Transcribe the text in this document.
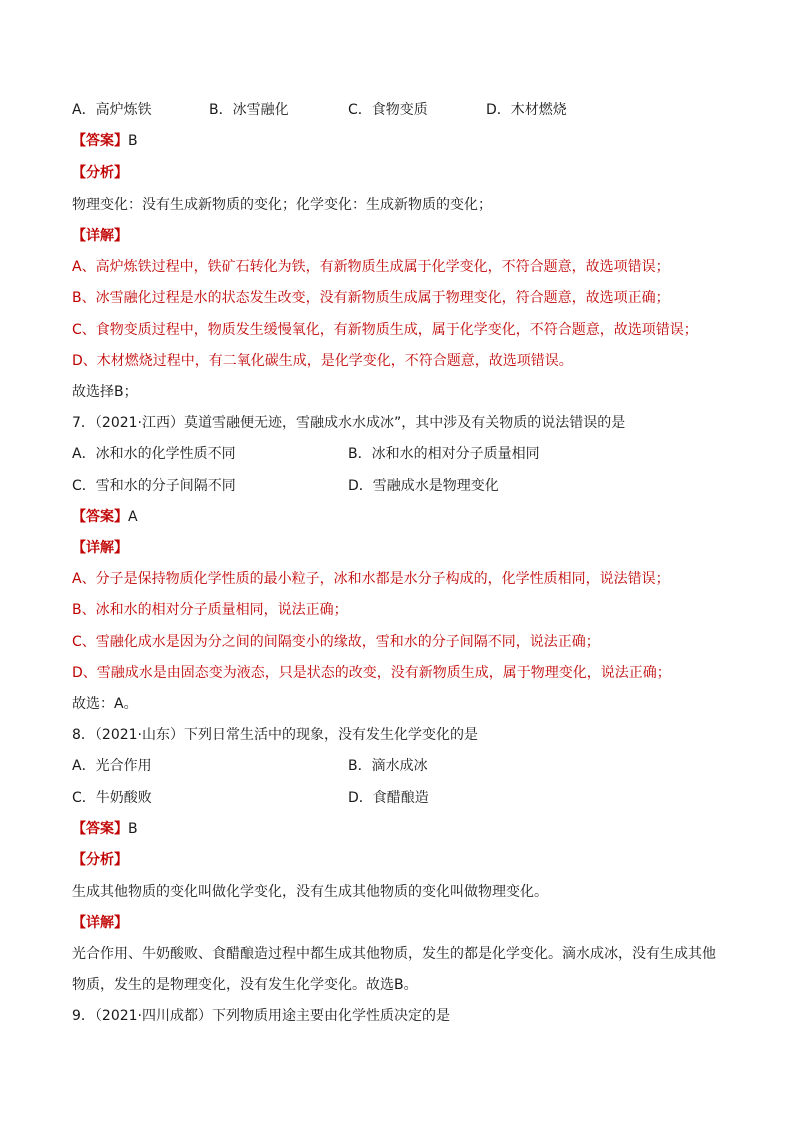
A．高炉炼铁	B．冰雪融化	C．食物变质	D．木材燃烧
【答案】B
【分析】
物理变化：没有生成新物质的变化；化学变化：生成新物质的变化；
【详解】
A、高炉炼铁过程中，铁矿石转化为铁，有新物质生成属于化学变化，不符合题意，故选项错误；
B、冰雪融化过程是水的状态发生改变，没有新物质生成属于物理变化，符合题意，故选项正确；
C、食物变质过程中，物质发生缓慢氧化，有新物质生成，属于化学变化，不符合题意，故选项错误；
D、木材燃烧过程中，有二氧化碳生成，是化学变化，不符合题意，故选项错误。
故选择B；
7．（2021·江西）莫道雪融便无迹，雪融成水水成冰”，其中涉及有关物质的说法错误的是
A．冰和水的化学性质不同	B．冰和水的相对分子质量相同
C．雪和水的分子间隔不同	D．雪融成水是物理变化
【答案】A
【详解】
A、分子是保持物质化学性质的最小粒子，冰和水都是水分子构成的，化学性质相同，说法错误；
B、冰和水的相对分子质量相同，说法正确；
C、雪融化成水是因为分之间的间隔变小的缘故，雪和水的分子间隔不同，说法正确；
D、雪融成水是由固态变为液态，只是状态的改变，没有新物质生成，属于物理变化，说法正确；
故选：A。
8．（2021·山东）下列日常生活中的现象，没有发生化学变化的是
A．光合作用	B．滴水成冰
C．牛奶酸败	D．食醋酿造
【答案】B
【分析】
生成其他物质的变化叫做化学变化，没有生成其他物质的变化叫做物理变化。
【详解】
光合作用、牛奶酸败、食醋酿造过程中都生成其他物质，发生的都是化学变化。滴水成冰，没有生成其他
物质，发生的是物理变化，没有发生化学变化。故选B。
9．（2021·四川成都）下列物质用途主要由化学性质决定的是
